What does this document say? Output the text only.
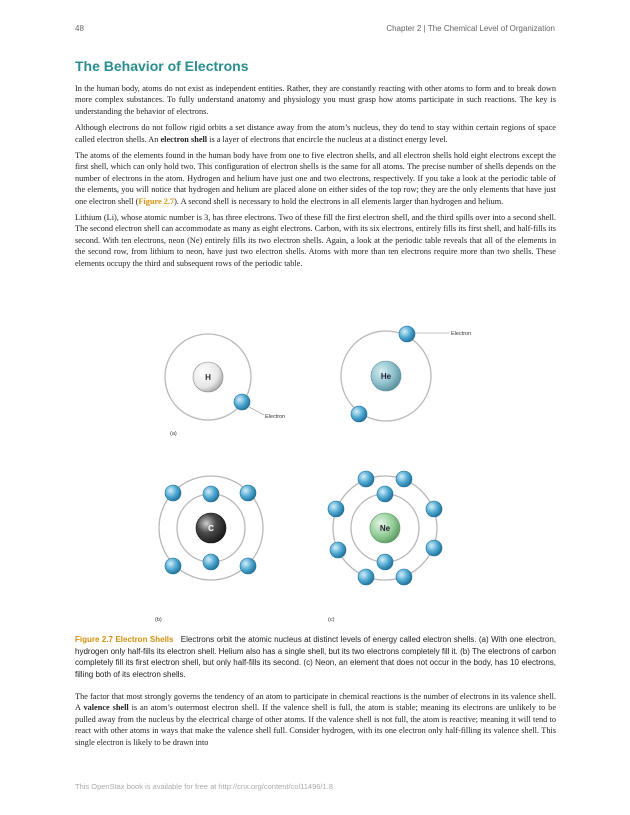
48	Chapter 2 | The Chemical Level of Organization
The Behavior of Electrons

In the human body, atoms do not exist as independent entities. Rather, they are constantly reacting with other atoms to form and to break down more complex substances. To fully understand anatomy and physiology you must grasp how atoms participate in such reactions. The key is understanding the behavior of electrons.

Although electrons do not follow rigid orbits a set distance away from the atom’s nucleus, they do tend to stay within certain regions of space called electron shells. An electron shell is a layer of electrons that encircle the nucleus at a distinct energy level.

The atoms of the elements found in the human body have from one to five electron shells, and all electron shells hold eight electrons except the first shell, which can only hold two. This configuration of electron shells is the same for all atoms. The precise number of shells depends on the number of electrons in the atom. Hydrogen and helium have just one and two electrons, respectively. If you take a look at the periodic table of the elements, you will notice that hydrogen and helium are placed alone on either sides of the top row; they are the only elements that have just one electron shell (Figure 2.7). A second shell is necessary to hold the electrons in all elements larger than hydrogen and helium.

Lithium (Li), whose atomic number is 3, has three electrons. Two of these fill the first electron shell, and the third spills over into a second shell. The second electron shell can accommodate as many as eight electrons. Carbon, with its six electrons, entirely fills its first shell, and half-fills its second. With ten electrons, neon (Ne) entirely fills its two electron shells. Again, a look at the periodic table reveals that all of the elements in the second row, from lithium to neon, have just two electron shells. Atoms with more than ten electrons require more than two shells. These elements occupy the third and subsequent rows of the periodic table.

H
Electron
(a)
He
Electron
C
(b)
Ne
(c)
Figure 2.7 Electron Shells Electrons orbit the atomic nucleus at distinct levels of energy called electron shells. (a) With one electron, hydrogen only half-fills its electron shell. Helium also has a single shell, but its two electrons completely fill it. (b) The electrons of carbon completely fill its first electron shell, but only half-fills its second. (c) Neon, an element that does not occur in the body, has 10 electrons, filling both of its electron shells.

The factor that most strongly governs the tendency of an atom to participate in chemical reactions is the number of electrons in its valence shell. A valence shell is an atom’s outermost electron shell. If the valence shell is full, the atom is stable; meaning its electrons are unlikely to be pulled away from the nucleus by the electrical charge of other atoms. If the valence shell is not full, the atom is reactive; meaning it will tend to react with other atoms in ways that make the valence shell full. Consider hydrogen, with its one electron only half-filling its valence shell. This single electron is likely to be drawn into

This OpenStax book is available for free at http://cnx.org/content/col11496/1.8
